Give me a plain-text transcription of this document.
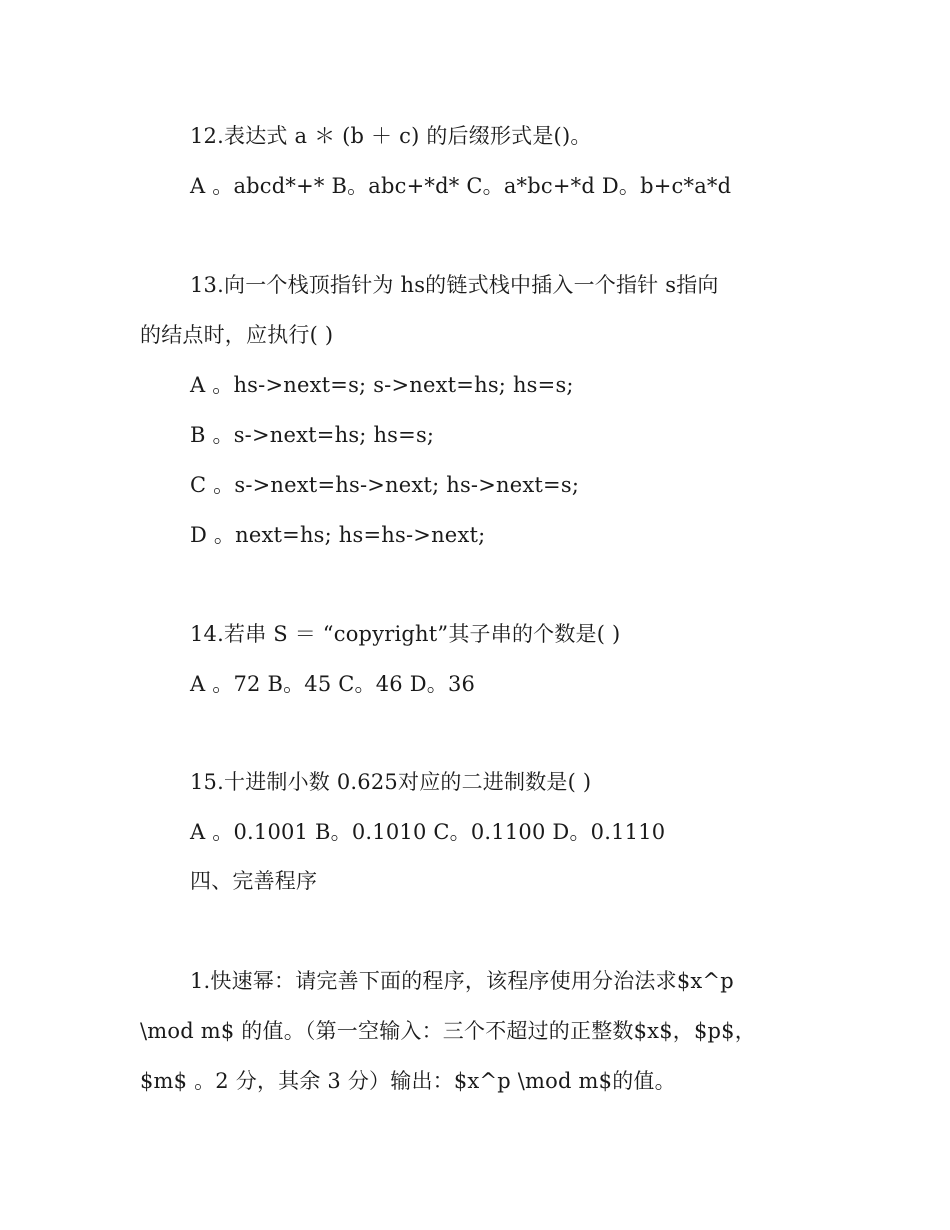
12.表达式 a ＊ (b ＋ c) 的后缀形式是()。
A 。abcd*+* B。abc+*d* C。a*bc+*d D。b+c*a*d
13.向一个栈顶指针为 hs的链式栈中插入一个指针 s指向
的结点时，应执行( )
A 。hs->next=s; s->next=hs; hs=s;
B 。s->next=hs; hs=s;
C 。s->next=hs->next; hs->next=s;
D 。next=hs; hs=hs->next;
14.若串 S ＝ “copyright”其子串的个数是( )
A 。72 B。45 C。46 D。36
15.十进制小数 0.625对应的二进制数是( )
A 。0.1001 B。0.1010 C。0.1100 D。0.1110
四、完善程序
1.快速幂：请完善下面的程序，该程序使用分治法求$x^p
\mod m$ 的值。（第一空输入：三个不超过的正整数$x$，$p$，
$m$ 。2 分，其余 3 分）输出：$x^p \mod m$的值。
